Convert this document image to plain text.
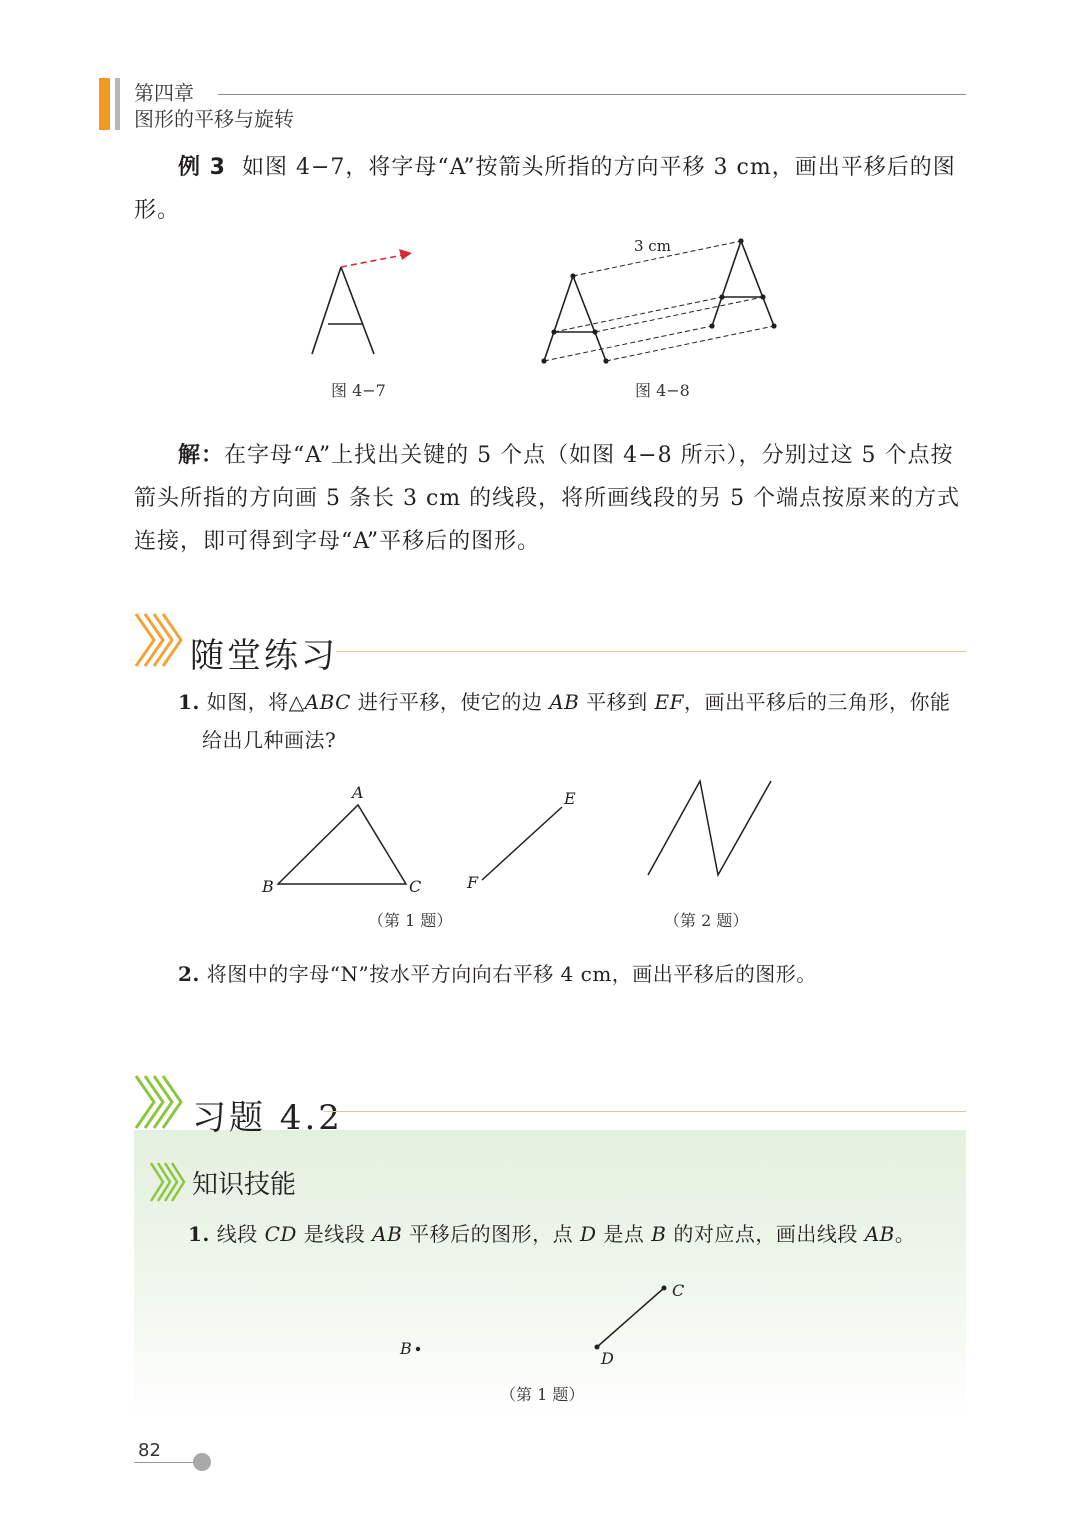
第四章
图形的平移与旋转
例 3 如图 4−7，将字母“A”按箭头所指的方向平移 3 cm，画出平移后的图形。
图 4−7
3 cm
图 4−8
解：在字母“A”上找出关键的 5 个点（如图 4−8 所示），分别过这 5 个点按箭头所指的方向画 5 条长 3 cm 的线段，将所画线段的另 5 个端点按原来的方式连接，即可得到字母“A”平移后的图形。
随堂练习
1. 如图，将△ABC 进行平移，使它的边 AB 平移到 EF，画出平移后的三角形，你能
给出几种画法?
A
B	C
E
F
（第 1 题）	（第 2 题）
2. 将图中的字母“N”按水平方向向右平移 4 cm，画出平移后的图形。
习题 4.2
知识技能
1. 线段 CD 是线段 AB 平移后的图形，点 D 是点 B 的对应点，画出线段 AB。
B
C
D
（第 1 题）
82
